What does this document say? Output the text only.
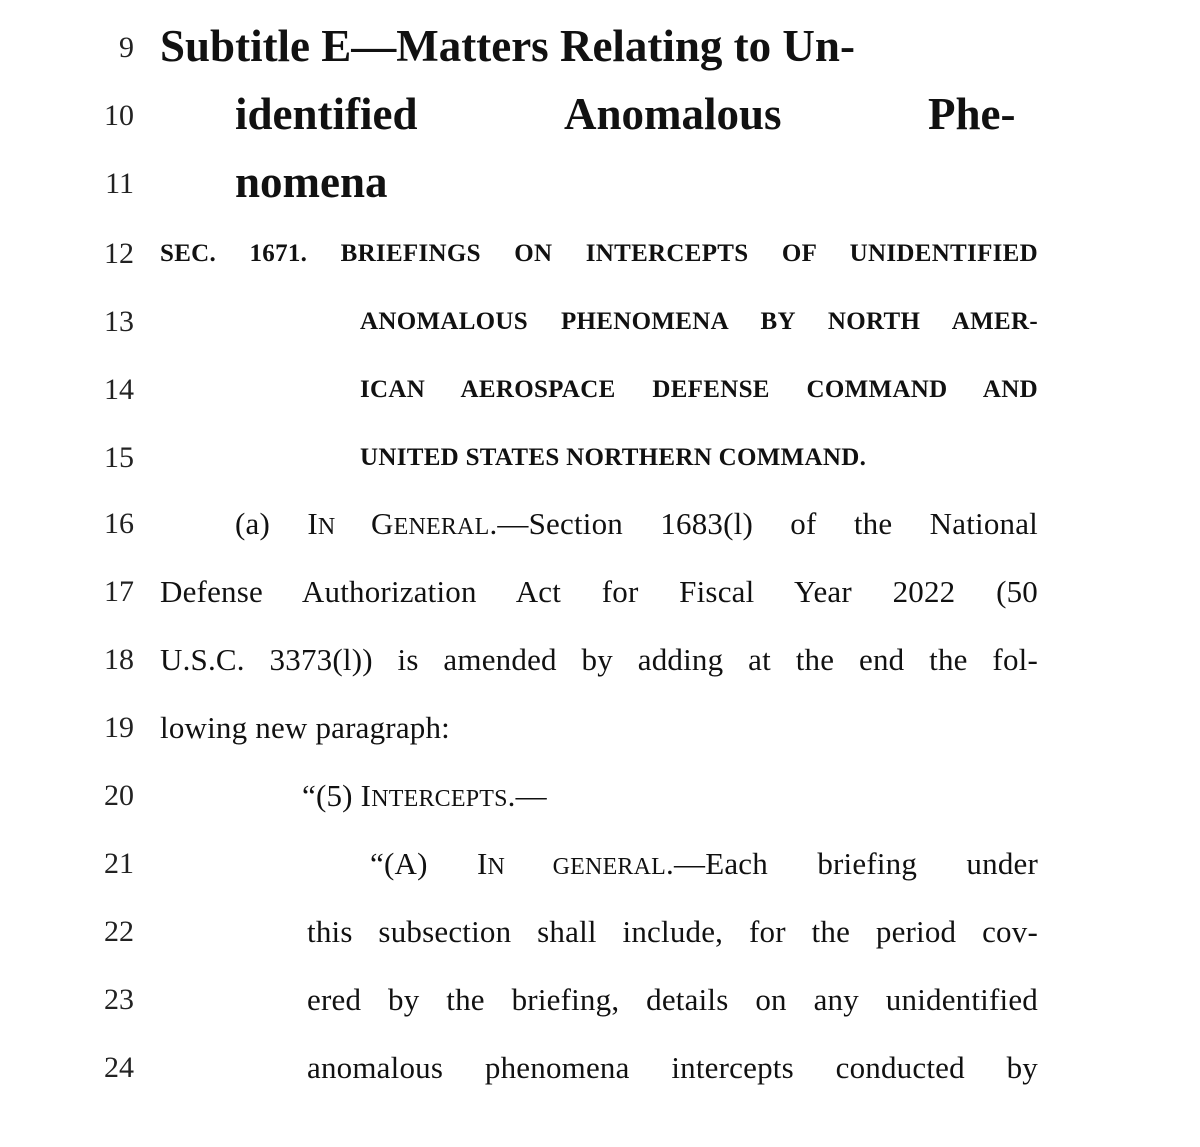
9 Subtitle E—Matters Relating to Un-
10 identified	Anomalous	Phe-
11 nomena
12 SEC. 1671. BRIEFINGS ON INTERCEPTS OF UNIDENTIFIED
13	ANOMALOUS PHENOMENA BY NORTH AMER-
14	ICAN AEROSPACE DEFENSE COMMAND AND
15	UNITED STATES NORTHERN COMMAND.
16	(a) IN GENERAL.—Section 1683(l) of the National
17 Defense Authorization Act for Fiscal Year 2022 (50
18 U.S.C. 3373(l)) is amended by adding at the end the fol-
19 lowing new paragraph:
20	“(5) INTERCEPTS.—
21	“(A) IN GENERAL.—Each briefing under
22	this subsection shall include, for the period cov-
23	ered by the briefing, details on any unidentified
24	anomalous phenomena intercepts conducted by
